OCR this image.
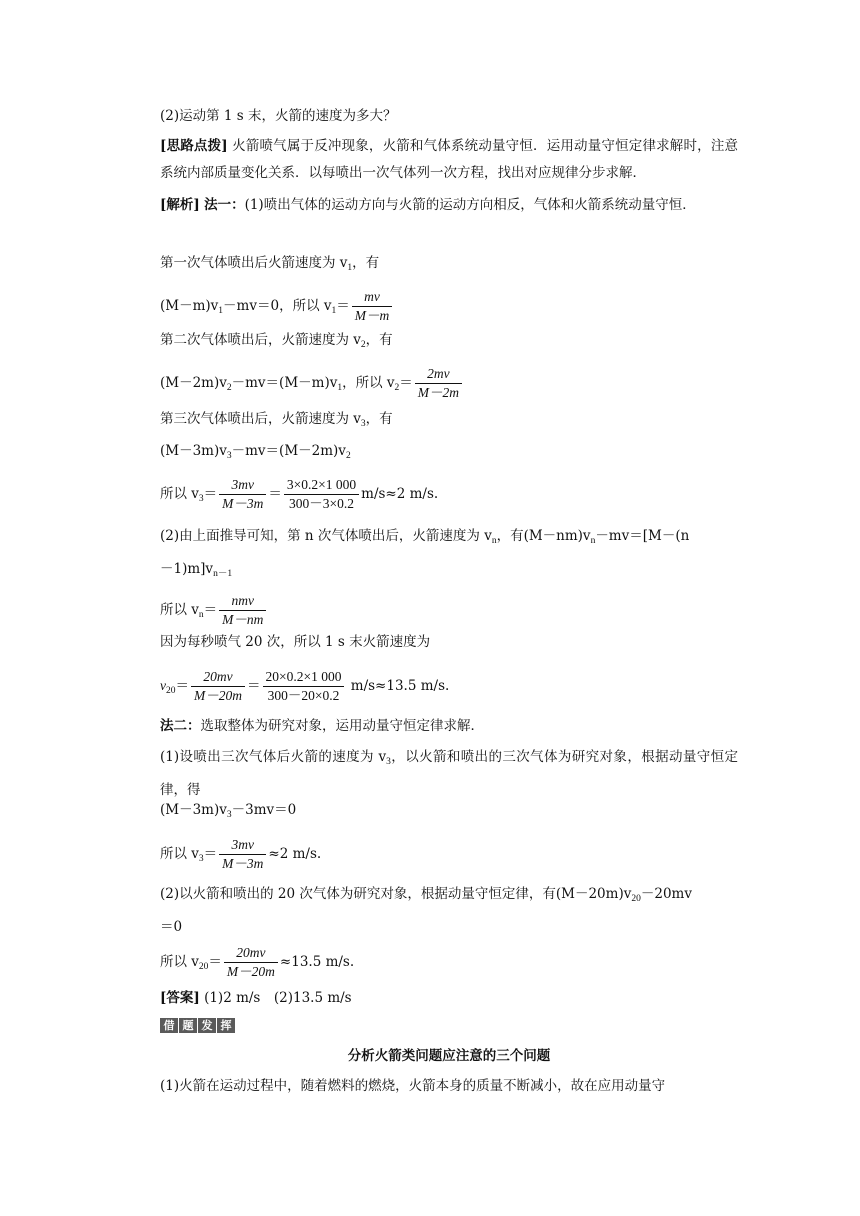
(2)运动第 1 s 末，火箭的速度为多大？
[思路点拨] 火箭喷气属于反冲现象，火箭和气体系统动量守恒．运用动量守恒定律求解时，注意系统内部质量变化关系．以每喷出一次气体列一次方程，找出对应规律分步求解．
[解析] 法一：(1)喷出气体的运动方向与火箭的运动方向相反，气体和火箭系统动量守恒．
第一次气体喷出后火箭速度为 $v_1$，有
$(M-m)v_1-mv=0$，所以 $v_1= \frac{mv}{M-m}$
第二次气体喷出后，火箭速度为 $v_2$，有
$(M-2m)v_2-mv=(M-m)v_1$，所以 $v_2= \frac{2mv}{M-2m}$
第三次气体喷出后，火箭速度为 $v_3$，有
$(M-3m)v_3-mv=(M-2m)v_2$
所以 $v_3= \frac{3mv}{M-3m} = \frac{3\times 0.2\times 1 000}{300-3\times 0.2} m/s\approx 2$ m/s.
(2)由上面推导可知，第 n 次气体喷出后，火箭速度为 $v_n$，有$(M-nm)v_n-mv=[M-(n$
$-1)m]v_{n-1}$
所以 $v_n= \frac{\text{nmv}}{M-nm}$
因为每秒喷气 20 次，所以 1 s 末火箭速度为
$v_{20}= \frac{20mv}{M-20m} = \frac{20\times 0.2\times 1 000}{300-20\times 0.2} m/s\approx 13.5$ m/s.
法二：选取整体为研究对象，运用动量守恒定律求解．
(1)设喷出三次气体后火箭的速度为 $v_3$，以火箭和喷出的三次气体为研究对象，根据动量守恒定律，得
$(M-3m)v_3-3mv=0$
所以 $v_3= \frac{3mv}{M-3m} \approx 2$ m/s.
(2)以火箭和喷出的 20 次气体为研究对象，根据动量守恒定律，有$(M-20m)v_{20}-20mv$
＝0
所以 $v_{20}= \frac{20mv}{M-20m} \approx 13.5$ m/s.
[答案] (1)2 m/s　(2)13.5 m/s
借 题 发 挥
分析火箭类问题应注意的三个问题
(1)火箭在运动过程中，随着燃料的燃烧，火箭本身的质量不断减小，故在应用动量守
